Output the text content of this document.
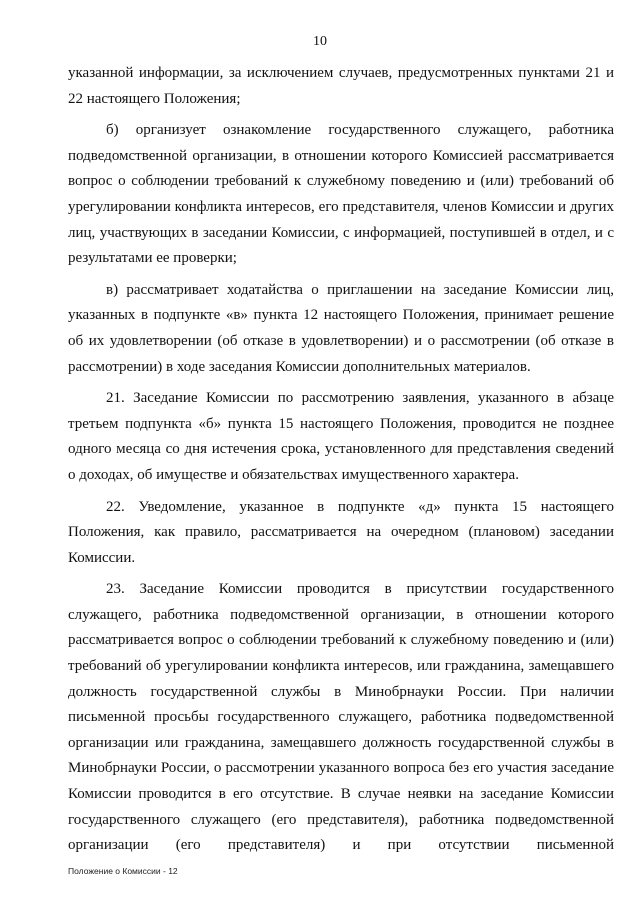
10

указанной информации, за исключением случаев, предусмотренных пунктами 21 и 22 настоящего Положения;

б) организует ознакомление государственного служащего, работника подведомственной организации, в отношении которого Комиссией рассматривается вопрос о соблюдении требований к служебному поведению и (или) требований об урегулировании конфликта интересов, его представителя, членов Комиссии и других лиц, участвующих в заседании Комиссии, с информацией, поступившей в отдел, и с результатами ее проверки;

в) рассматривает ходатайства о приглашении на заседание Комиссии лиц, указанных в подпункте «в» пункта 12 настоящего Положения, принимает решение об их удовлетворении (об отказе в удовлетворении) и о рассмотрении (об отказе в рассмотрении) в ходе заседания Комиссии дополнительных материалов.

21. Заседание Комиссии по рассмотрению заявления, указанного в абзаце третьем подпункта «б» пункта 15 настоящего Положения, проводится не позднее одного месяца со дня истечения срока, установленного для представления сведений о доходах, об имуществе и обязательствах имущественного характера.

22. Уведомление, указанное в подпункте «д» пункта 15 настоящего Положения, как правило, рассматривается на очередном (плановом) заседании Комиссии.

23. Заседание Комиссии проводится в присутствии государственного служащего, работника подведомственной организации, в отношении которого рассматривается вопрос о соблюдении требований к служебному поведению и (или) требований об урегулировании конфликта интересов, или гражданина, замещавшего должность государственной службы в Минобрнауки России. При наличии письменной просьбы государственного служащего, работника подведомственной организации или гражданина, замещавшего должность государственной службы в Минобрнауки России, о рассмотрении указанного вопроса без его участия заседание Комиссии проводится в его отсутствие. В случае неявки на заседание Комиссии государственного служащего (его представителя), работника подведомственной организации (его представителя) и при отсутствии письменной

Положение о Комиссии - 12
